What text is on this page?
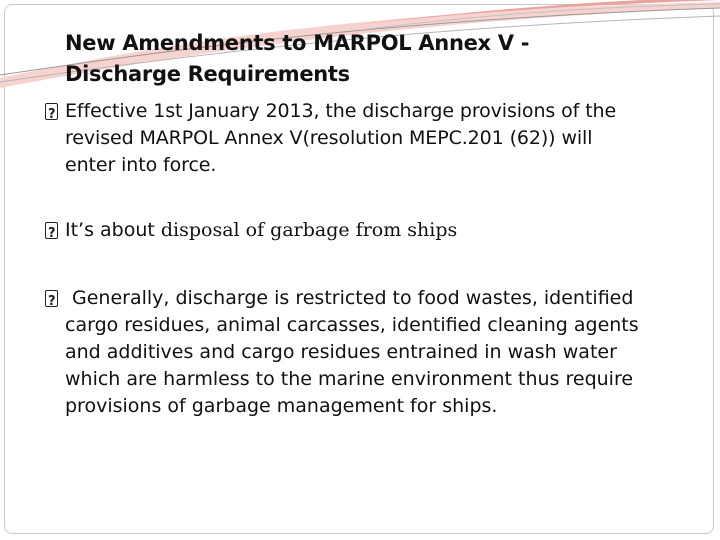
New Amendments to MARPOL Annex V -
Discharge Requirements
?
Effective 1st January 2013, the discharge provisions of the
revised MARPOL Annex V(resolution MEPC.201 (62)) will
enter into force.
?
It’s about disposal of garbage from ships
?
Generally, discharge is restricted to food wastes, identified
cargo residues, animal carcasses, identified cleaning agents
and additives and cargo residues entrained in wash water
which are harmless to the marine environment thus require
provisions of garbage management for ships.
